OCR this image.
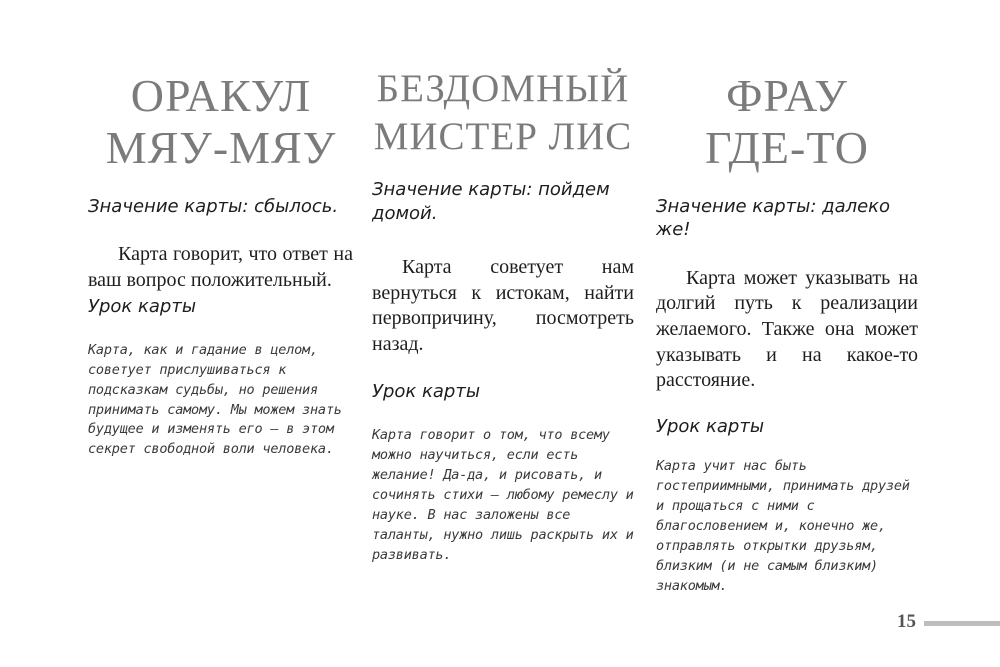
ОРАКУЛ
МЯУ-МЯУ

Значение карты: сбылось.

Карта говорит, что ответ на ваш вопрос положительный.

Урок карты

Карта, как и гадание в целом, советует прислушиваться к подсказкам судьбы, но решения принимать самому. Мы можем знать будущее и изменять его — в этом секрет свободной воли человека.

БЕЗДОМНЫЙ
МИСТЕР ЛИС

Значение карты: пойдем домой.

Карта советует нам вернуться к истокам, найти первопричину, посмотреть назад.

Урок карты

Карта говорит о том, что всему можно научиться, если есть желание! Да-да, и рисовать, и сочинять стихи — любому ремеслу и науке. В нас заложены все таланты, нужно лишь раскрыть их и развивать.

ФРАУ
ГДЕ-ТО

Значение карты: далеко же!

Карта может указывать на долгий путь к реализации желаемого. Также она может указывать и на какое-то расстояние.

Урок карты

Карта учит нас быть гостеприимными, принимать друзей и прощаться с ними с благословением и, конечно же, отправлять открытки друзьям, близким (и не самым близким) знакомым.

15
